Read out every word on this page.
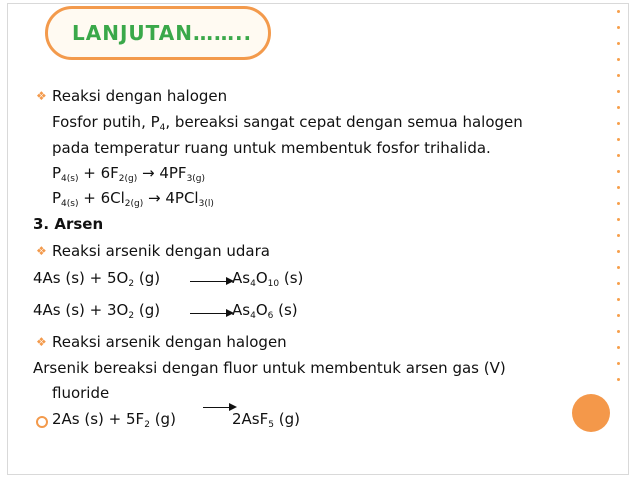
LANJUTAN……..
❖ Reaksi dengan halogen
Fosfor putih, $P_4$, bereaksi sangat cepat dengan semua halogen
pada temperatur ruang untuk membentuk fosfor trihalida.
$P_{4(s)} + 6F_{2(g)} \to 4PF_{3(g)}$
$P_{4(s)} + 6Cl_{2(g)} \to 4PCl_{3(l)}$
3. Arsen
❖ Reaksi arsenik dengan udara
4As $(s) + 5O_2$ $(g) \to As_4O_{10}$ (s)
4As $(s) + 3O_2$ $(g) \to As_4O_6$ (s)
❖ Reaksi arsenik dengan halogen
Arsenik bereaksi dengan fluor untuk membentuk arsen gas (V)
fluoride
2As $(s) + 5F_2$ (g)	2AsF$_5$ (g)
